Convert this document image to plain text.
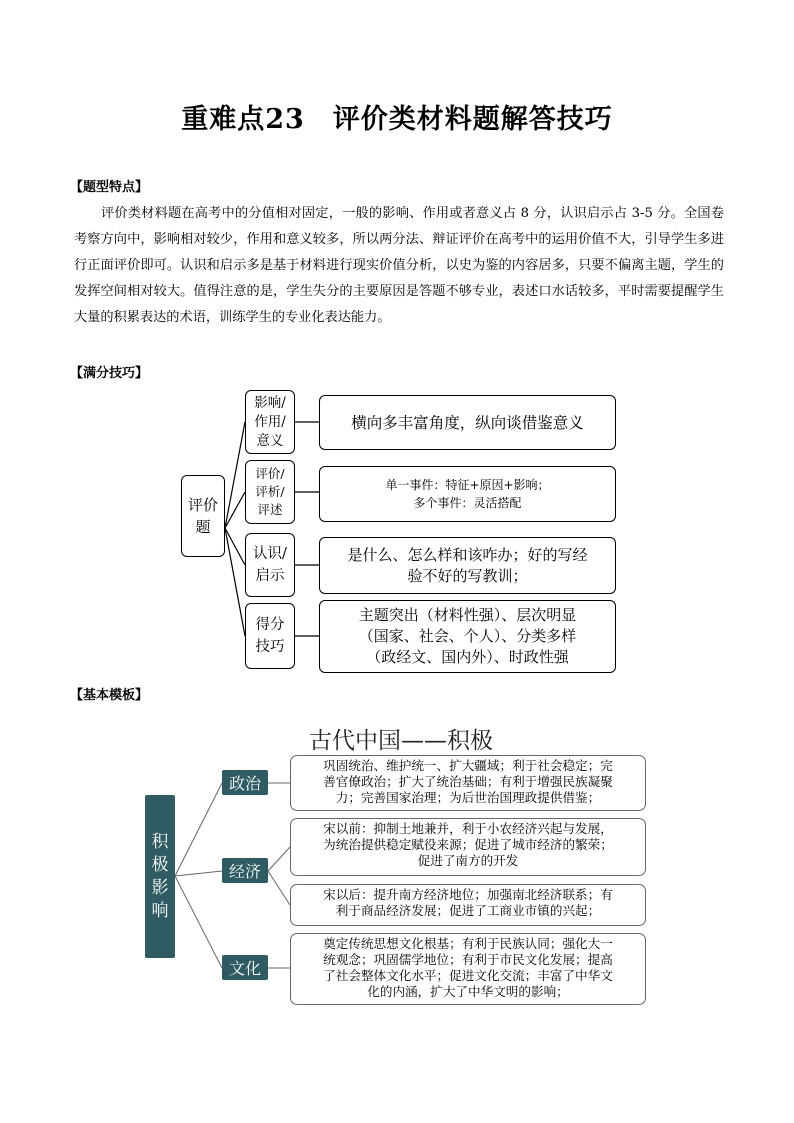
重难点23　评价类材料题解答技巧
【题型特点】

评价类材料题在高考中的分值相对固定，一般的影响、作用或者意义占 8 分，认识启示占 3-5 分。全国卷考察方向中，影响相对较少，作用和意义较多，所以两分法、辩证评价在高考中的运用价值不大，引导学生多进行正面评价即可。认识和启示多是基于材料进行现实价值分析，以史为鉴的内容居多，只要不偏离主题，学生的发挥空间相对较大。值得注意的是，学生失分的主要原因是答题不够专业，表述口水话较多，平时需要提醒学生大量的积累表达的术语，训练学生的专业化表达能力。

【满分技巧】
评价
题
影响/
作用/
意义
评价/
评析/
评述
认识/
启示
得分
技巧
横向多丰富角度，纵向谈借鉴意义
单一事件：特征+原因+影响；
多个事件：灵活搭配
是什么、怎么样和该咋办；好的写经
验不好的写教训；
主题突出（材料性强）、层次明显
（国家、社会、个人）、分类多样
（政经文、国内外）、时政性强
【基本模板】
古代中国——积极
积
极
影
响
政治
经济
文化
巩固统治、维护统一、扩大疆域；利于社会稳定；完
善官僚政治；扩大了统治基础；有利于增强民族凝聚
力；完善国家治理；为后世治国理政提供借鉴；
宋以前：抑制土地兼并，利于小农经济兴起与发展，
为统治提供稳定赋役来源；促进了城市经济的繁荣；
促进了南方的开发
宋以后：提升南方经济地位；加强南北经济联系；有
利于商品经济发展；促进了工商业市镇的兴起；
奠定传统思想文化根基；有利于民族认同；强化大一
统观念；巩固儒学地位；有利于市民文化发展；提高
了社会整体文化水平；促进文化交流；丰富了中华文
化的内涵，扩大了中华文明的影响；
